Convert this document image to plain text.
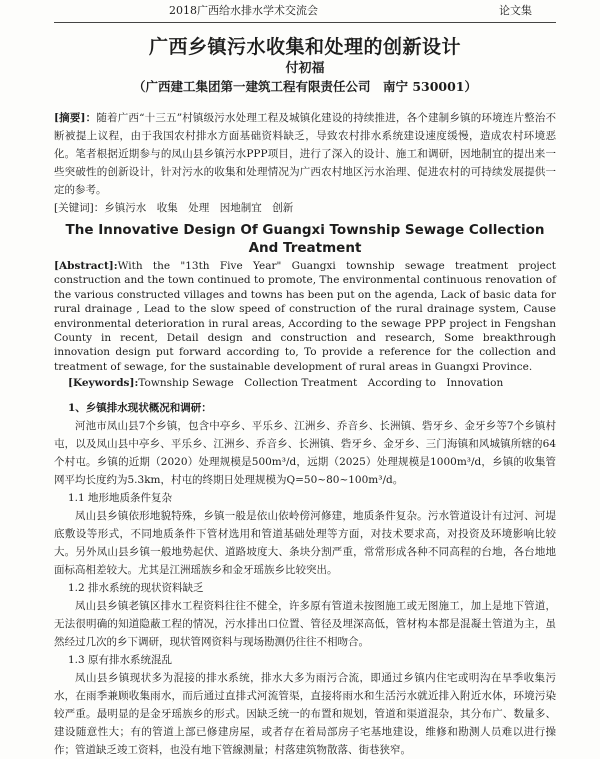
2018广西给水排水学术交流会	论文集
广西乡镇污水收集和处理的创新设计
付初福
（广西建工集团第一建筑工程有限责任公司　南宁 530001）
[摘要]：随着广西“十三五”村镇级污水处理工程及城镇化建设的持续推进，各个建制乡镇的环境连片整治不断被提上议程，由于我国农村排水方面基础资料缺乏，导致农村排水系统建设速度缓慢，造成农村环境恶化。笔者根据近期参与的凤山县乡镇污水PPP项目，进行了深入的设计、施工和调研，因地制宜的提出来一些突破性的创新设计，针对污水的收集和处理情况为广西农村地区污水治理、促进农村的可持续发展提供一定的参考。
[关键词]：乡镇污水　收集　处理　因地制宜　创新
The Innovative Design Of Guangxi Township Sewage Collection And Treatment
[Abstract]:With the "13th Five Year" Guangxi township sewage treatment project construction and the town continued to promote, The environmental continuous renovation of the various constructed villages and towns has been put on the agenda, Lack of basic data for rural drainage , Lead to the slow speed of construction of the rural drainage system, Cause environmental deterioration in rural areas, According to the sewage PPP project in Fengshan County in recent, Detail design and construction and research, Some breakthrough innovation design put forward according to, To provide a reference for the collection and treatment of sewage, for the sustainable development of rural areas in Guangxi Province.
[Keywords]:Township Sewage　Collection Treatment　According to　Innovation
1、乡镇排水现状概况和调研：
河池市凤山县7个乡镇，包含中亭乡、平乐乡、江洲乡、乔音乡、长洲镇、砦牙乡、金牙乡等7个乡镇村屯，以及凤山县中亭乡、平乐乡、江洲乡、乔音乡、长洲镇、砦牙乡、金牙乡、三门海镇和风城镇所辖的64个村屯。乡镇的近期（2020）处理规模是500m³/d，远期（2025）处理规模是1000m³/d，乡镇的收集管网平均长度约为5.3km，村屯的终期日处理规模为Q=50~80~100m³/d。
1.1 地形地质条件复杂
凤山县乡镇依形地貌特殊，乡镇一般是依山依岭傍河修建，地质条件复杂。污水管道设计有过河、河堤底敷设等形式，不同地质条件下管材选用和管道基础处理等方面，对技术要求高，对投资及环境影响比较大。另外凤山县乡镇一般地势起伏、道路坡度大、条块分割严重，常常形成各种不同高程的台地，各台地地面标高相差较大。尤其是江洲瑶族乡和金牙瑶族乡比较突出。
1.2 排水系统的现状资料缺乏
凤山县乡镇老镇区排水工程资料往往不健全，许多原有管道未按图施工或无图施工，加上是地下管道，无法很明确的知道隐蔽工程的情况，污水排出口位置、管径及埋深高低，管材构本都是混凝土管道为主，虽然经过几次的乡下调研，现状管网资料与现场勘测仍往往不相吻合。
1.3 原有排水系统混乱
凤山县乡镇现状多为混接的排水系统，排水大多为雨污合流，即通过乡镇内住宅或明沟在旱季收集污水，在雨季兼顾收集雨水，而后通过直排式河流管渠，直接将雨水和生活污水就近排入附近水体，环境污染较严重。最明显的是金牙瑶族乡的形式。因缺乏统一的布置和规划，管道和渠道混杂，其分布广、数量多、建设随意性大；有的管道上部已修建房屋，或者存在着局部房子宅基地建设，维修和勘测人员难以进行操作；管道缺乏竣工资料，也没有地下管線测量；村落建筑物散落、街巷狭窄。
